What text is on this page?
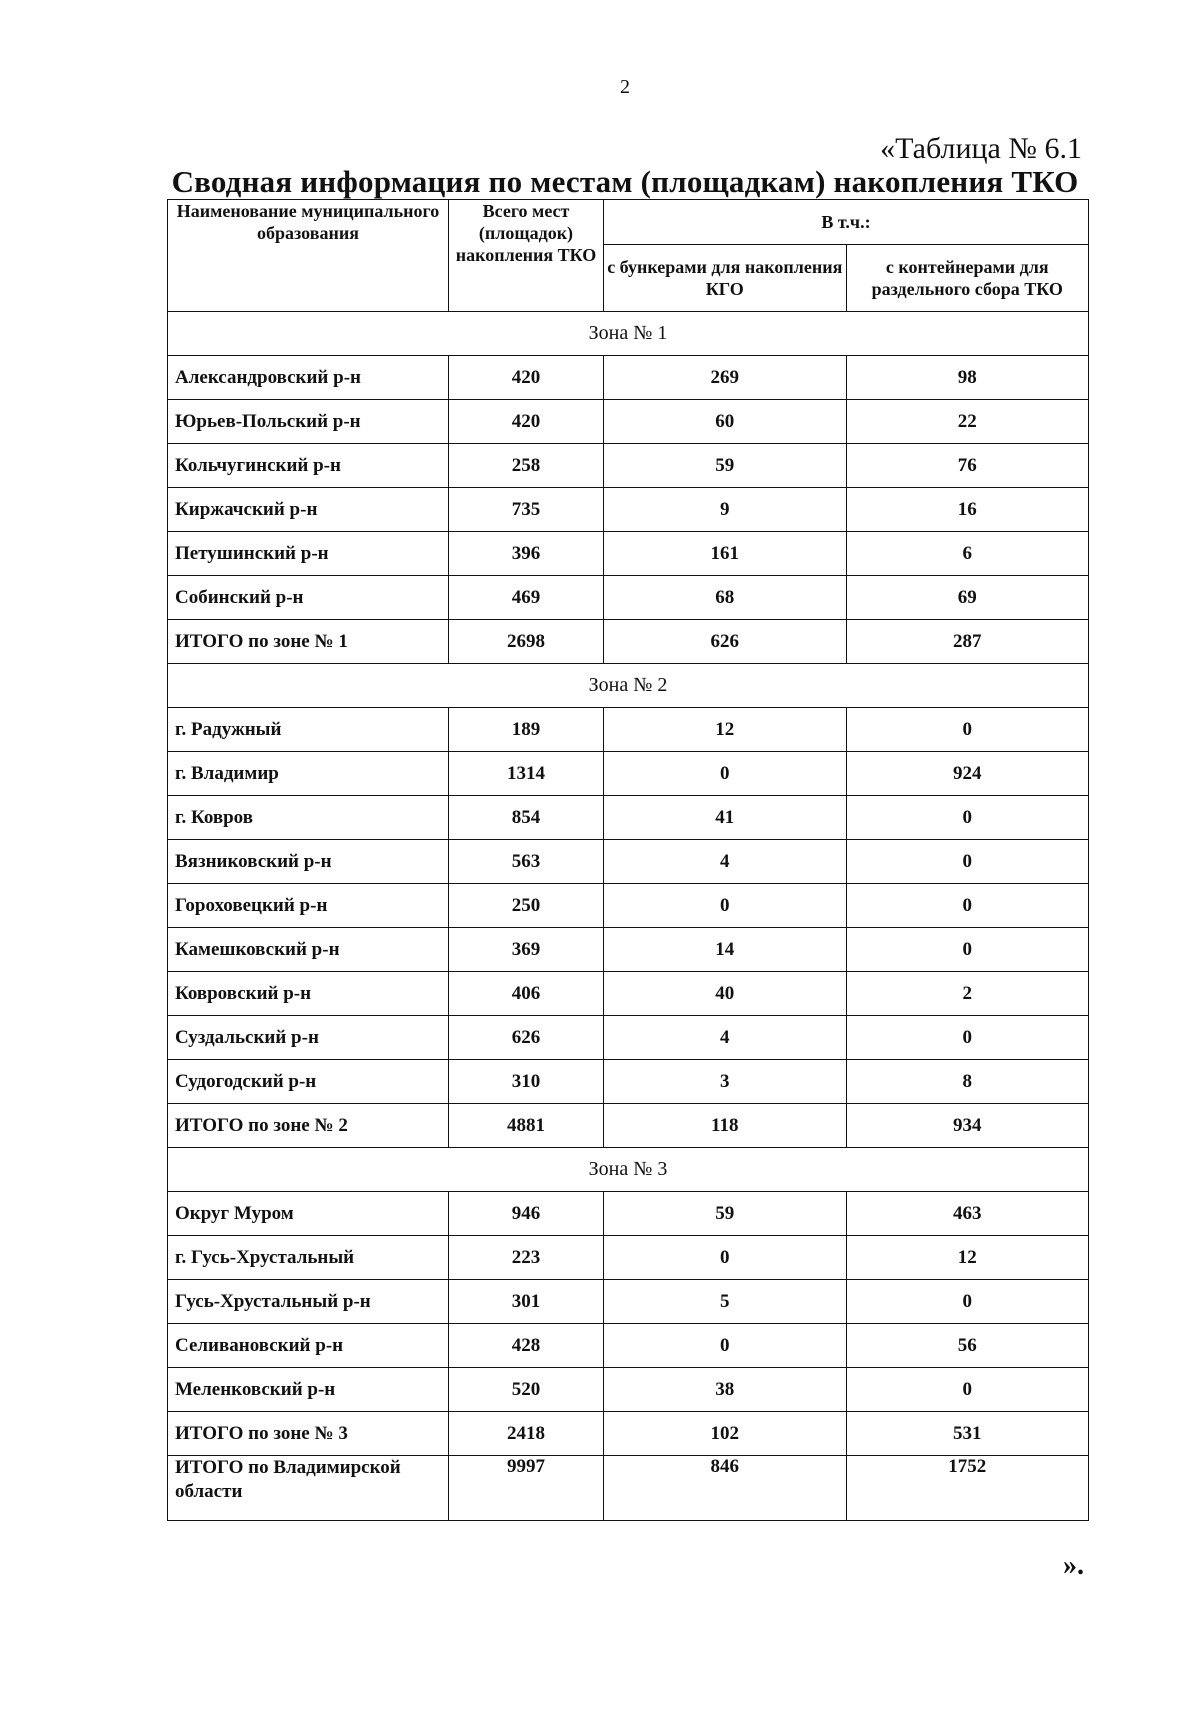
2
«Таблица № 6.1
Сводная информация по местам (площадкам) накопления ТКО
Наименование муниципального образования	Всего мест (площадок) накопления ТКО	В т.ч.:	
		с бункерами для накопления КГО	с контейнерами для раздельного сбора ТКО
Зона № 1			
Александровский р-н	420	269	98
Юрьев-Польский р-н	420	60	22
Кольчугинский р-н	258	59	76
Киржачский р-н	735	9	16
Петушинский р-н	396	161	6
Собинский р-н	469	68	69
ИТОГО по зоне № 1	2698	626	287
Зона № 2			
г. Радужный	189	12	0
г. Владимир	1314	0	924
г. Ковров	854	41	0
Вязниковский р-н	563	4	0
Гороховецкий р-н	250	0	0
Камешковский р-н	369	14	0
Ковровский р-н	406	40	2
Суздальский р-н	626	4	0
Судогодский р-н	310	3	8
ИТОГО по зоне № 2	4881	118	934
Зона № 3			
Округ Муром	946	59	463
г. Гусь-Хрустальный	223	0	12
Гусь-Хрустальный р-н	301	5	0
Селивановский р-н	428	0	56
Меленковский р-н	520	38	0
ИТОГО по зоне № 3	2418	102	531
ИТОГО по Владимирской области	9997	846	1752
».
